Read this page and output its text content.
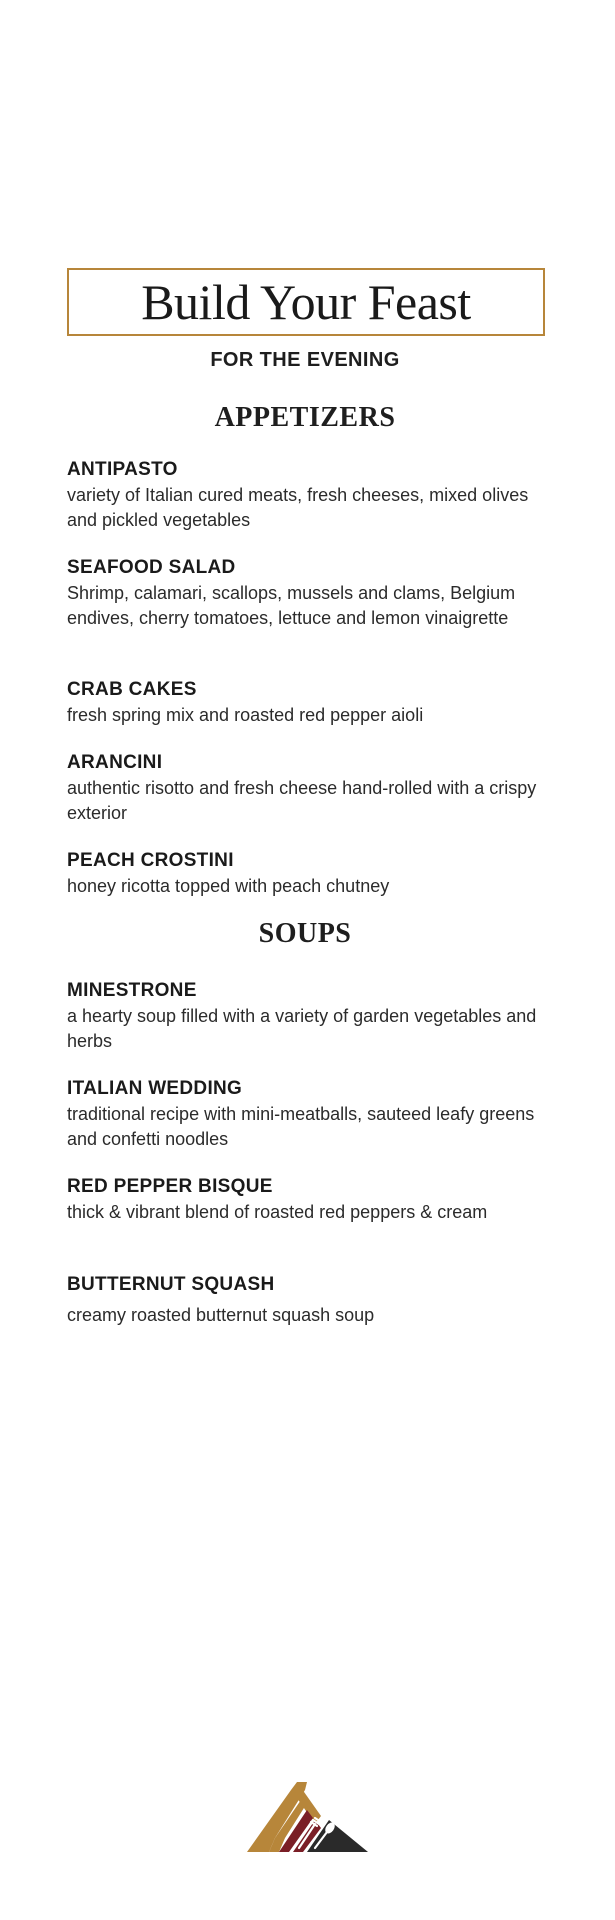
Build Your Feast
FOR THE EVENING
APPETIZERS
ANTIPASTO
variety of Italian cured meats, fresh cheeses, mixed olives and pickled vegetables
SEAFOOD SALAD
Shrimp, calamari, scallops, mussels and clams, Belgium endives, cherry tomatoes, lettuce and lemon vinaigrette
CRAB CAKES
fresh spring mix and roasted red pepper aioli
ARANCINI
authentic risotto and fresh cheese hand-rolled with a crispy exterior
PEACH CROSTINI
honey ricotta topped with peach chutney
SOUPS
MINESTRONE
a hearty soup filled with a variety of garden vegetables and herbs
ITALIAN WEDDING
traditional recipe with mini-meatballs, sauteed leafy greens and confetti noodles
RED PEPPER BISQUE
thick & vibrant blend of roasted red peppers & cream
BUTTERNUT SQUASH
creamy roasted butternut squash soup
